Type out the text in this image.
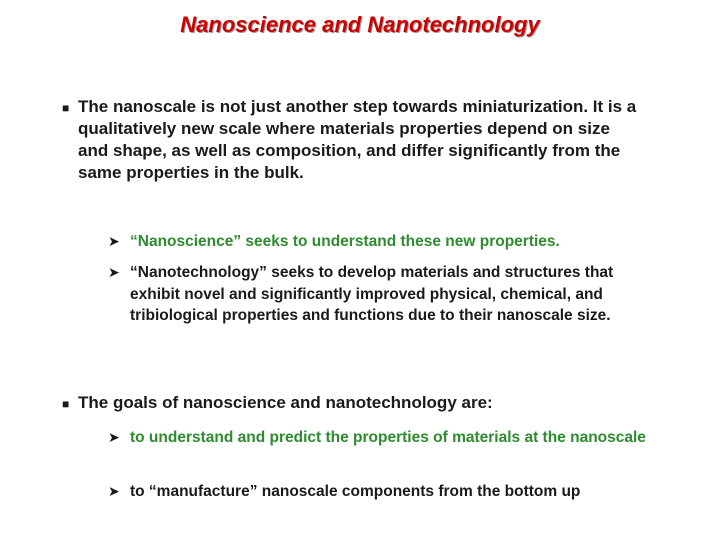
Nanoscience and Nanotechnology
■ The nanoscale is not just another step towards miniaturization. It is a qualitatively new scale where materials properties depend on size and shape, as well as composition, and differ significantly from the same properties in the bulk.
➤ “Nanoscience” seeks to understand these new properties.
➤ “Nanotechnology” seeks to develop materials and structures that exhibit novel and significantly improved physical, chemical, and tribiological properties and functions due to their nanoscale size.
■ The goals of nanoscience and nanotechnology are:
➤ to understand and predict the properties of materials at the nanoscale
➤ to “manufacture” nanoscale components from the bottom up
